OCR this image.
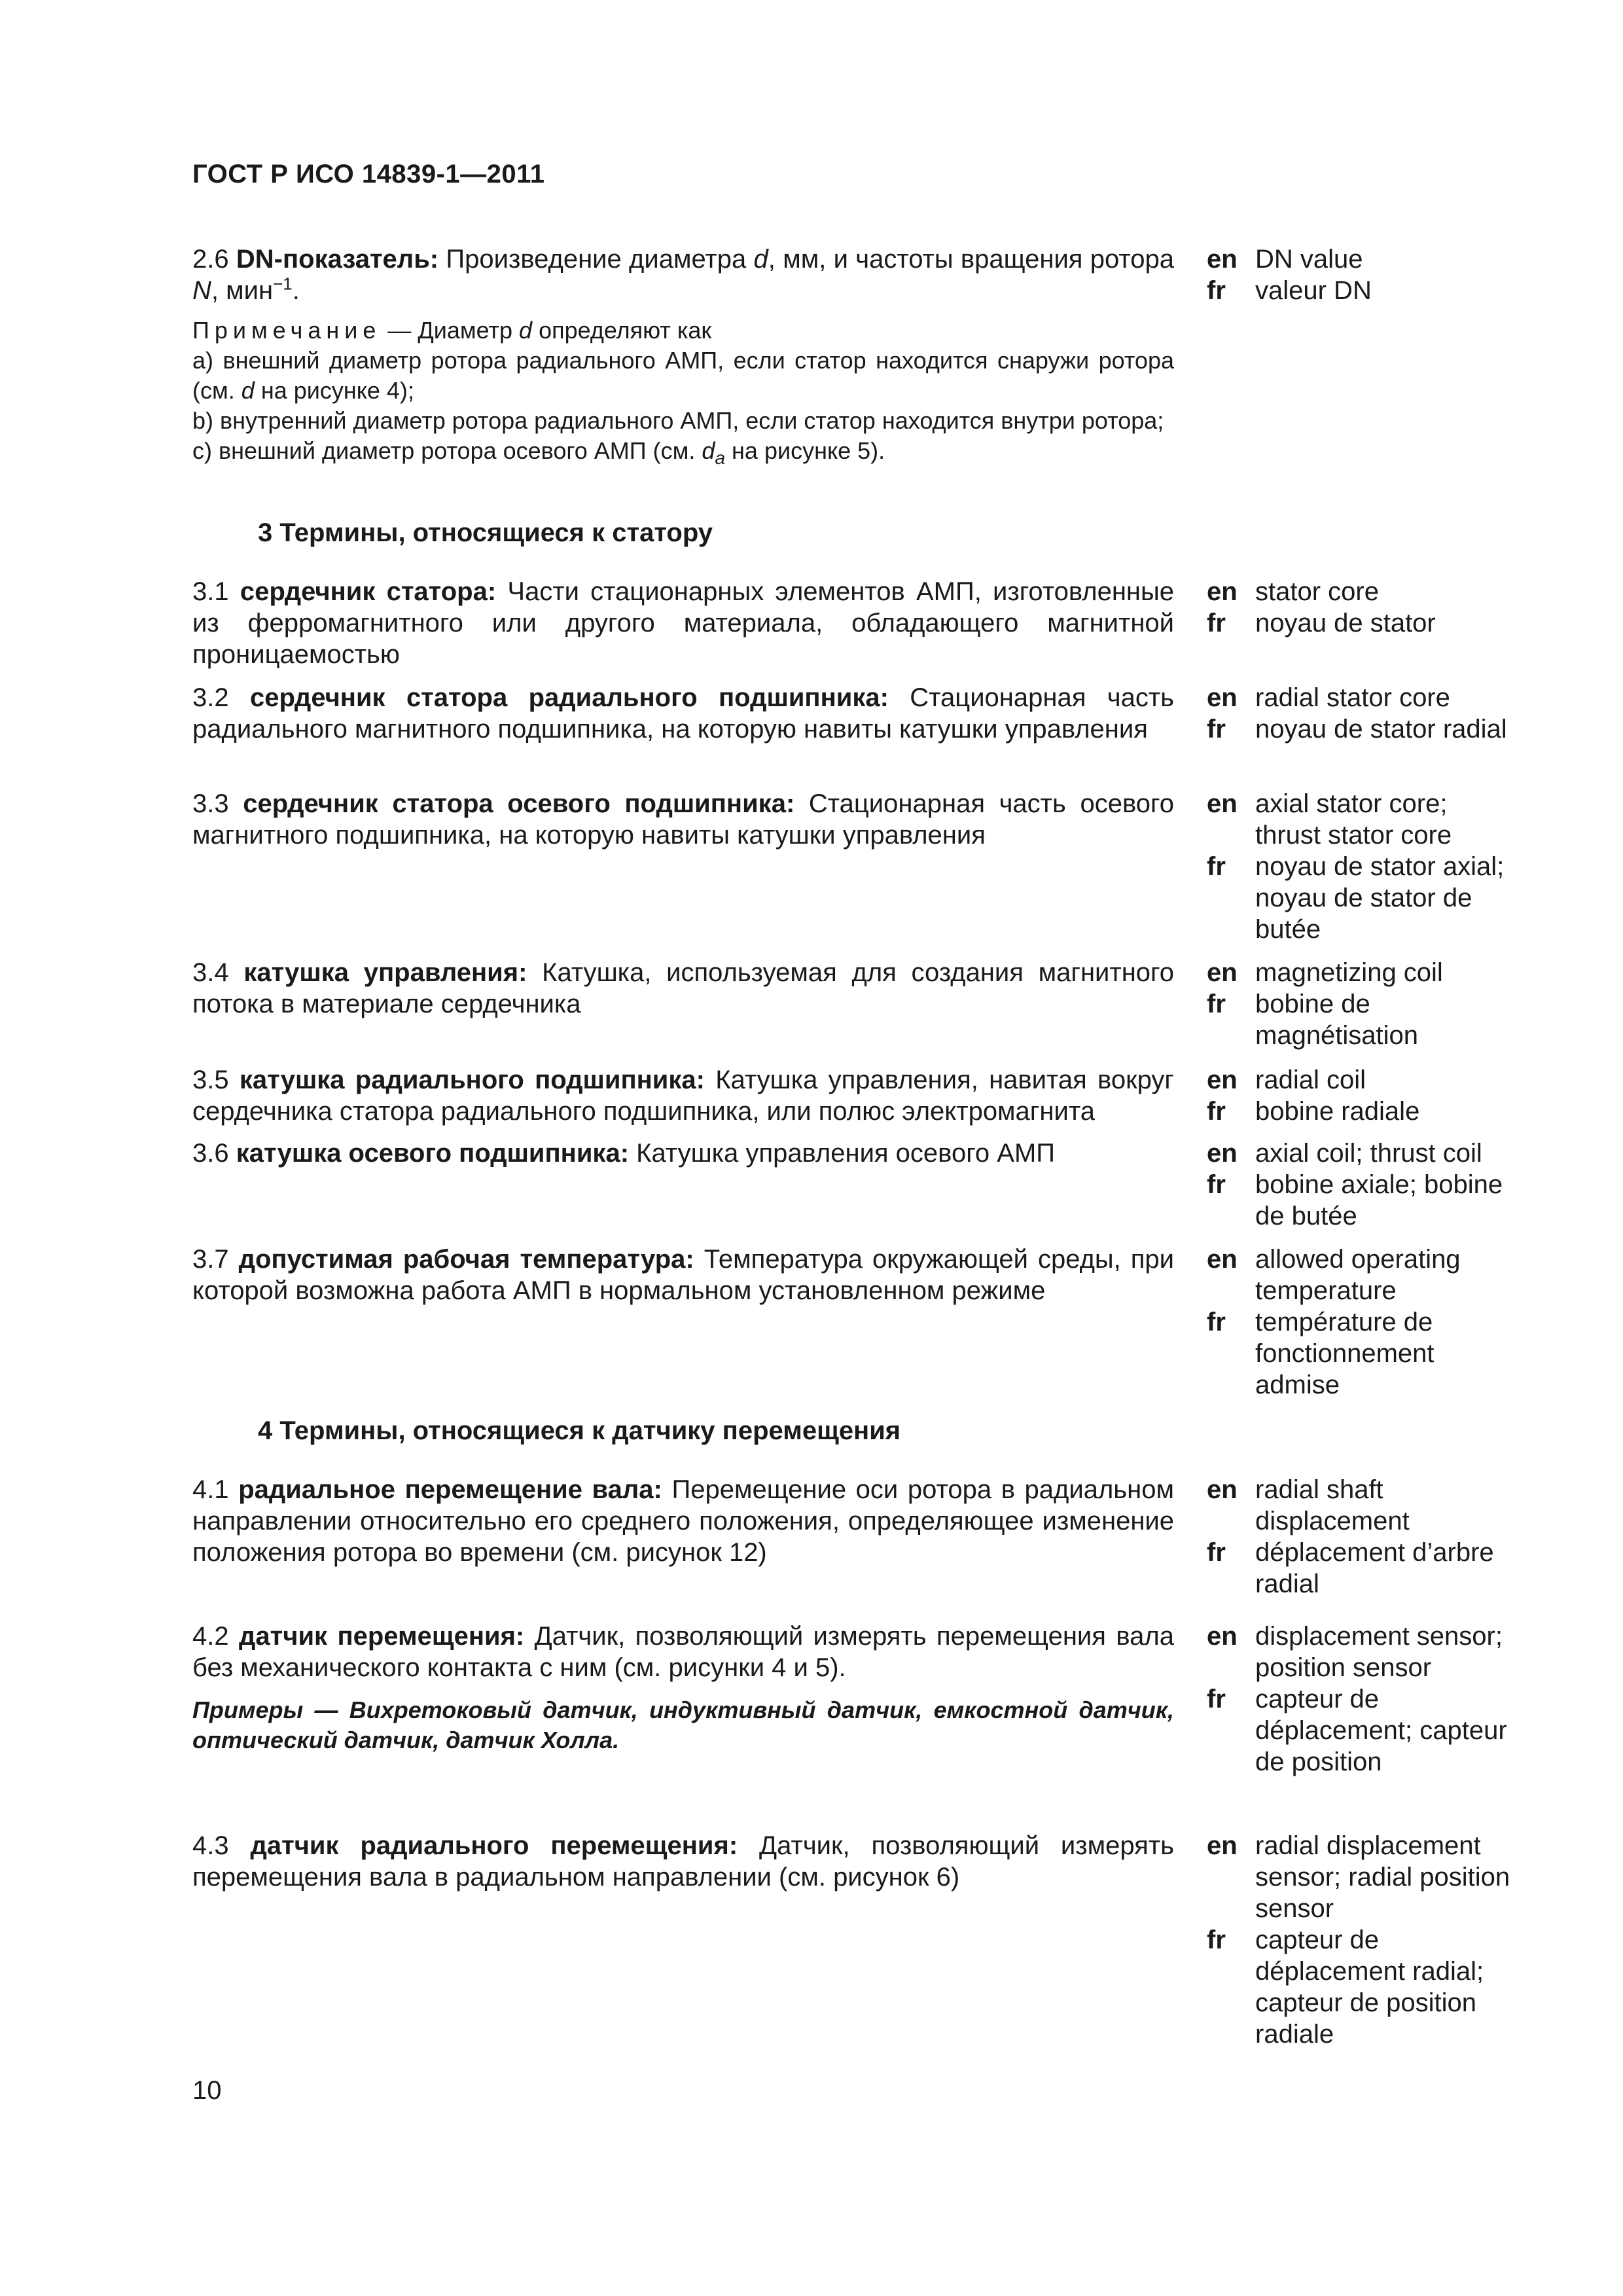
ГОСТ Р ИСО 14839-1—2011
2.6 DN-показатель: Произведение диаметра d, мм, и частоты вращения ротора N, мин$^{-1}$.
en DN value
fr	valeur DN
Примечание — Диаметр d определяют как
a) внешний диаметр ротора радиального АМП, если статор находится снаружи ротора (см. d на рисунке 4);
b) внутренний диаметр ротора радиального АМП, если статор находится внутри ротора;
c) внешний диаметр ротора осевого АМП (см. $d_a$ на рисунке 5).
3 Термины, относящиеся к статору
3.1 сердечник статора: Части стационарных элементов АМП, изготовленные из ферромагнитного или другого материала, обладающего магнитной проницаемостью
en stator core
fr	noyau de stator
3.2 сердечник статора радиального подшипника: Стационарная часть радиального магнитного подшипника, на которую навиты катушки управления
en radial stator core
fr	noyau de stator radial
3.3 сердечник статора осевого подшипника: Стационарная часть осевого магнитного подшипника, на которую навиты катушки управления
en axial stator core; thrust stator core
fr	noyau de stator axial; noyau de stator de butée
3.4 катушка управления: Катушка, используемая для создания магнитного потока в материале сердечника
en magnetizing coil
fr	bobine de magnétisation
3.5 катушка радиального подшипника: Катушка управления, навитая вокруг сердечника статора радиального подшипника, или полюс электромагнита
en radial coil
fr	bobine radiale
3.6 катушка осевого подшипника: Катушка управления осевого АМП	en axial coil; thrust coil
fr	bobine axiale; bobine de butée
3.7 допустимая рабочая температура: Температура окружающей среды, при которой возможна работа АМП в нормальном установленном режиме
en allowed operating temperature
fr	température de fonctionnement admise
4 Термины, относящиеся к датчику перемещения
4.1 радиальное перемещение вала: Перемещение оси ротора в радиальном направлении относительно его среднего положения, определяющее изменение положения ротора во времени (см. рисунок 12)
en radial shaft displacement
fr	déplacement d’arbre radial
4.2 датчик перемещения: Датчик, позволяющий измерять перемещения вала без механического контакта с ним (см. рисунки 4 и 5).
Примеры — Вихретоковый датчик, индуктивный датчик, емкостной датчик, оптический датчик, датчик Холла.
en displacement sensor; position sensor
fr	capteur de déplacement; capteur de position
4.3 датчик радиального перемещения: Датчик, позволяющий измерять перемещения вала в радиальном направлении (см. рисунок 6)
en radial displacement sensor; radial position sensor
fr	capteur de déplacement radial; capteur de position radiale
10
